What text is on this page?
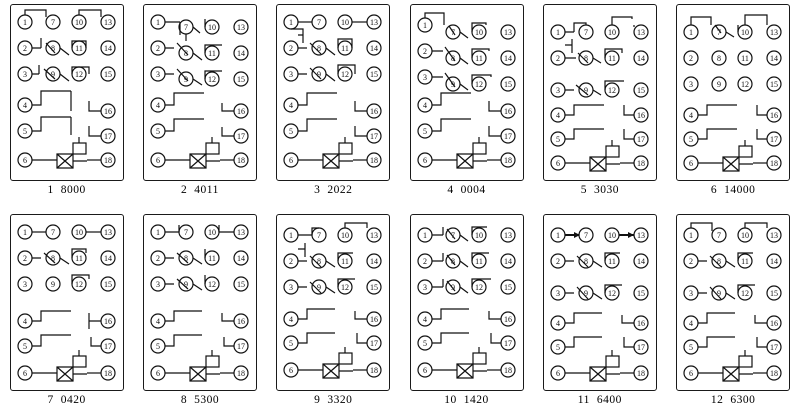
1
2
3
4
5
6
7
8
9
10
11
12
13
14
15
16
17
18
1 8000
1
2
3
4
5
6
7
8
9
10
11
12
13
14
15
16
17
18
2 4011
1
2
3
4
5
6
7
8
9
10
11
12
13
14
15
16
17
18
3 2022
1
2
3
4
5
6
7
8
9
10
11
12
13
14
15
16
17
18
4 0004
1
2
3
4
5
6
7
8
9
10
11
12
13
14
15
16
17
18
5 3030
1
2
3
4
5
6
7
8
9
10
11
12
13
14
15
16
17
18
6 14000
1
2
3
4
5
6
7
8
9
10
11
12
13
14
15
16
17
18
7 0420
1
2
3
4
5
6
7
8
9
10
11
12
13
14
15
16
17
18
8 5300
1
2
3
4
5
6
7
8
9
10
11
12
13
14
15
16
17
18
9 3320
1
2
3
4
5
6
7
8
9
10
11
12
13
14
15
16
17
18
10 1420
1
2
3
4
5
6
7
8
9
10
11
12
13
14
15
16
17
18
11 6400
1
2
3
4
5
6
7
8
9
10
11
12
13
14
15
16
17
18
12 6300
